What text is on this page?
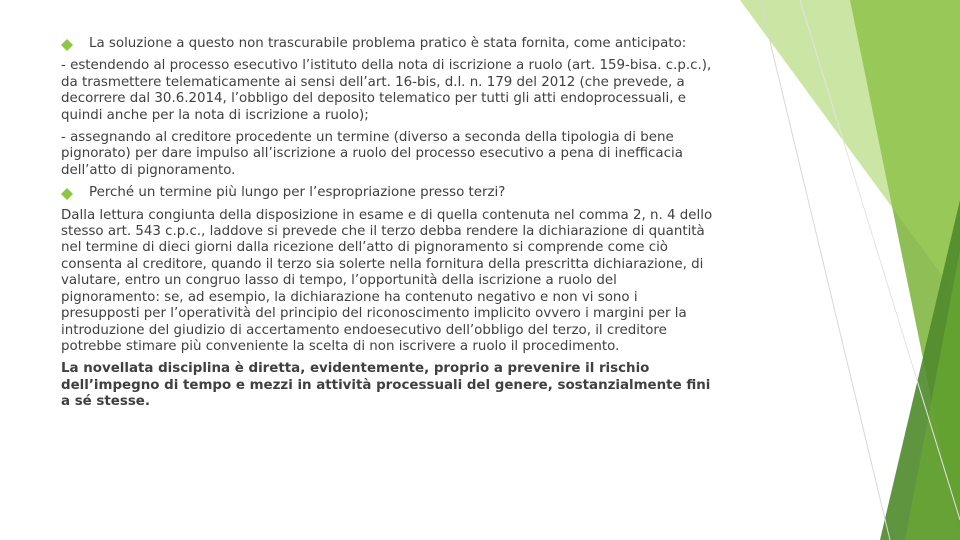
La soluzione a questo non trascurabile problema pratico è stata fornita, come anticipato:
- estendendo al processo esecutivo l’istituto della nota di iscrizione a ruolo (art. 159-bisa. c.p.c.), da trasmettere telematicamente ai sensi dell’art. 16-bis, d.l. n. 179 del 2012 (che prevede, a decorrere dal 30.6.2014, l’obbligo del deposito telematico per tutti gli atti endoprocessuali, e quindi anche per la nota di iscrizione a ruolo);
- assegnando al creditore procedente un termine (diverso a seconda della tipologia di bene pignorato) per dare impulso all’iscrizione a ruolo del processo esecutivo a pena di inefficacia dell’atto di pignoramento.
Perché un termine più lungo per l’espropriazione presso terzi?
Dalla lettura congiunta della disposizione in esame e di quella contenuta nel comma 2, n. 4 dello stesso art. 543 c.p.c., laddove si prevede che il terzo debba rendere la dichiarazione di quantità nel termine di dieci giorni dalla ricezione dell’atto di pignoramento si comprende come ciò consenta al creditore, quando il terzo sia solerte nella fornitura della prescritta dichiarazione, di valutare, entro un congruo lasso di tempo, l’opportunità della iscrizione a ruolo del pignoramento: se, ad esempio, la dichiarazione ha contenuto negativo e non vi sono i presupposti per l’operatività del principio del riconoscimento implicito ovvero i margini per la introduzione del giudizio di accertamento endoesecutivo dell’obbligo del terzo, il creditore potrebbe stimare più conveniente la scelta di non iscrivere a ruolo il procedimento.
La novellata disciplina è diretta, evidentemente, proprio a prevenire il rischio dell’impegno di tempo e mezzi in attività processuali del genere, sostanzialmente fini a sé stesse.
